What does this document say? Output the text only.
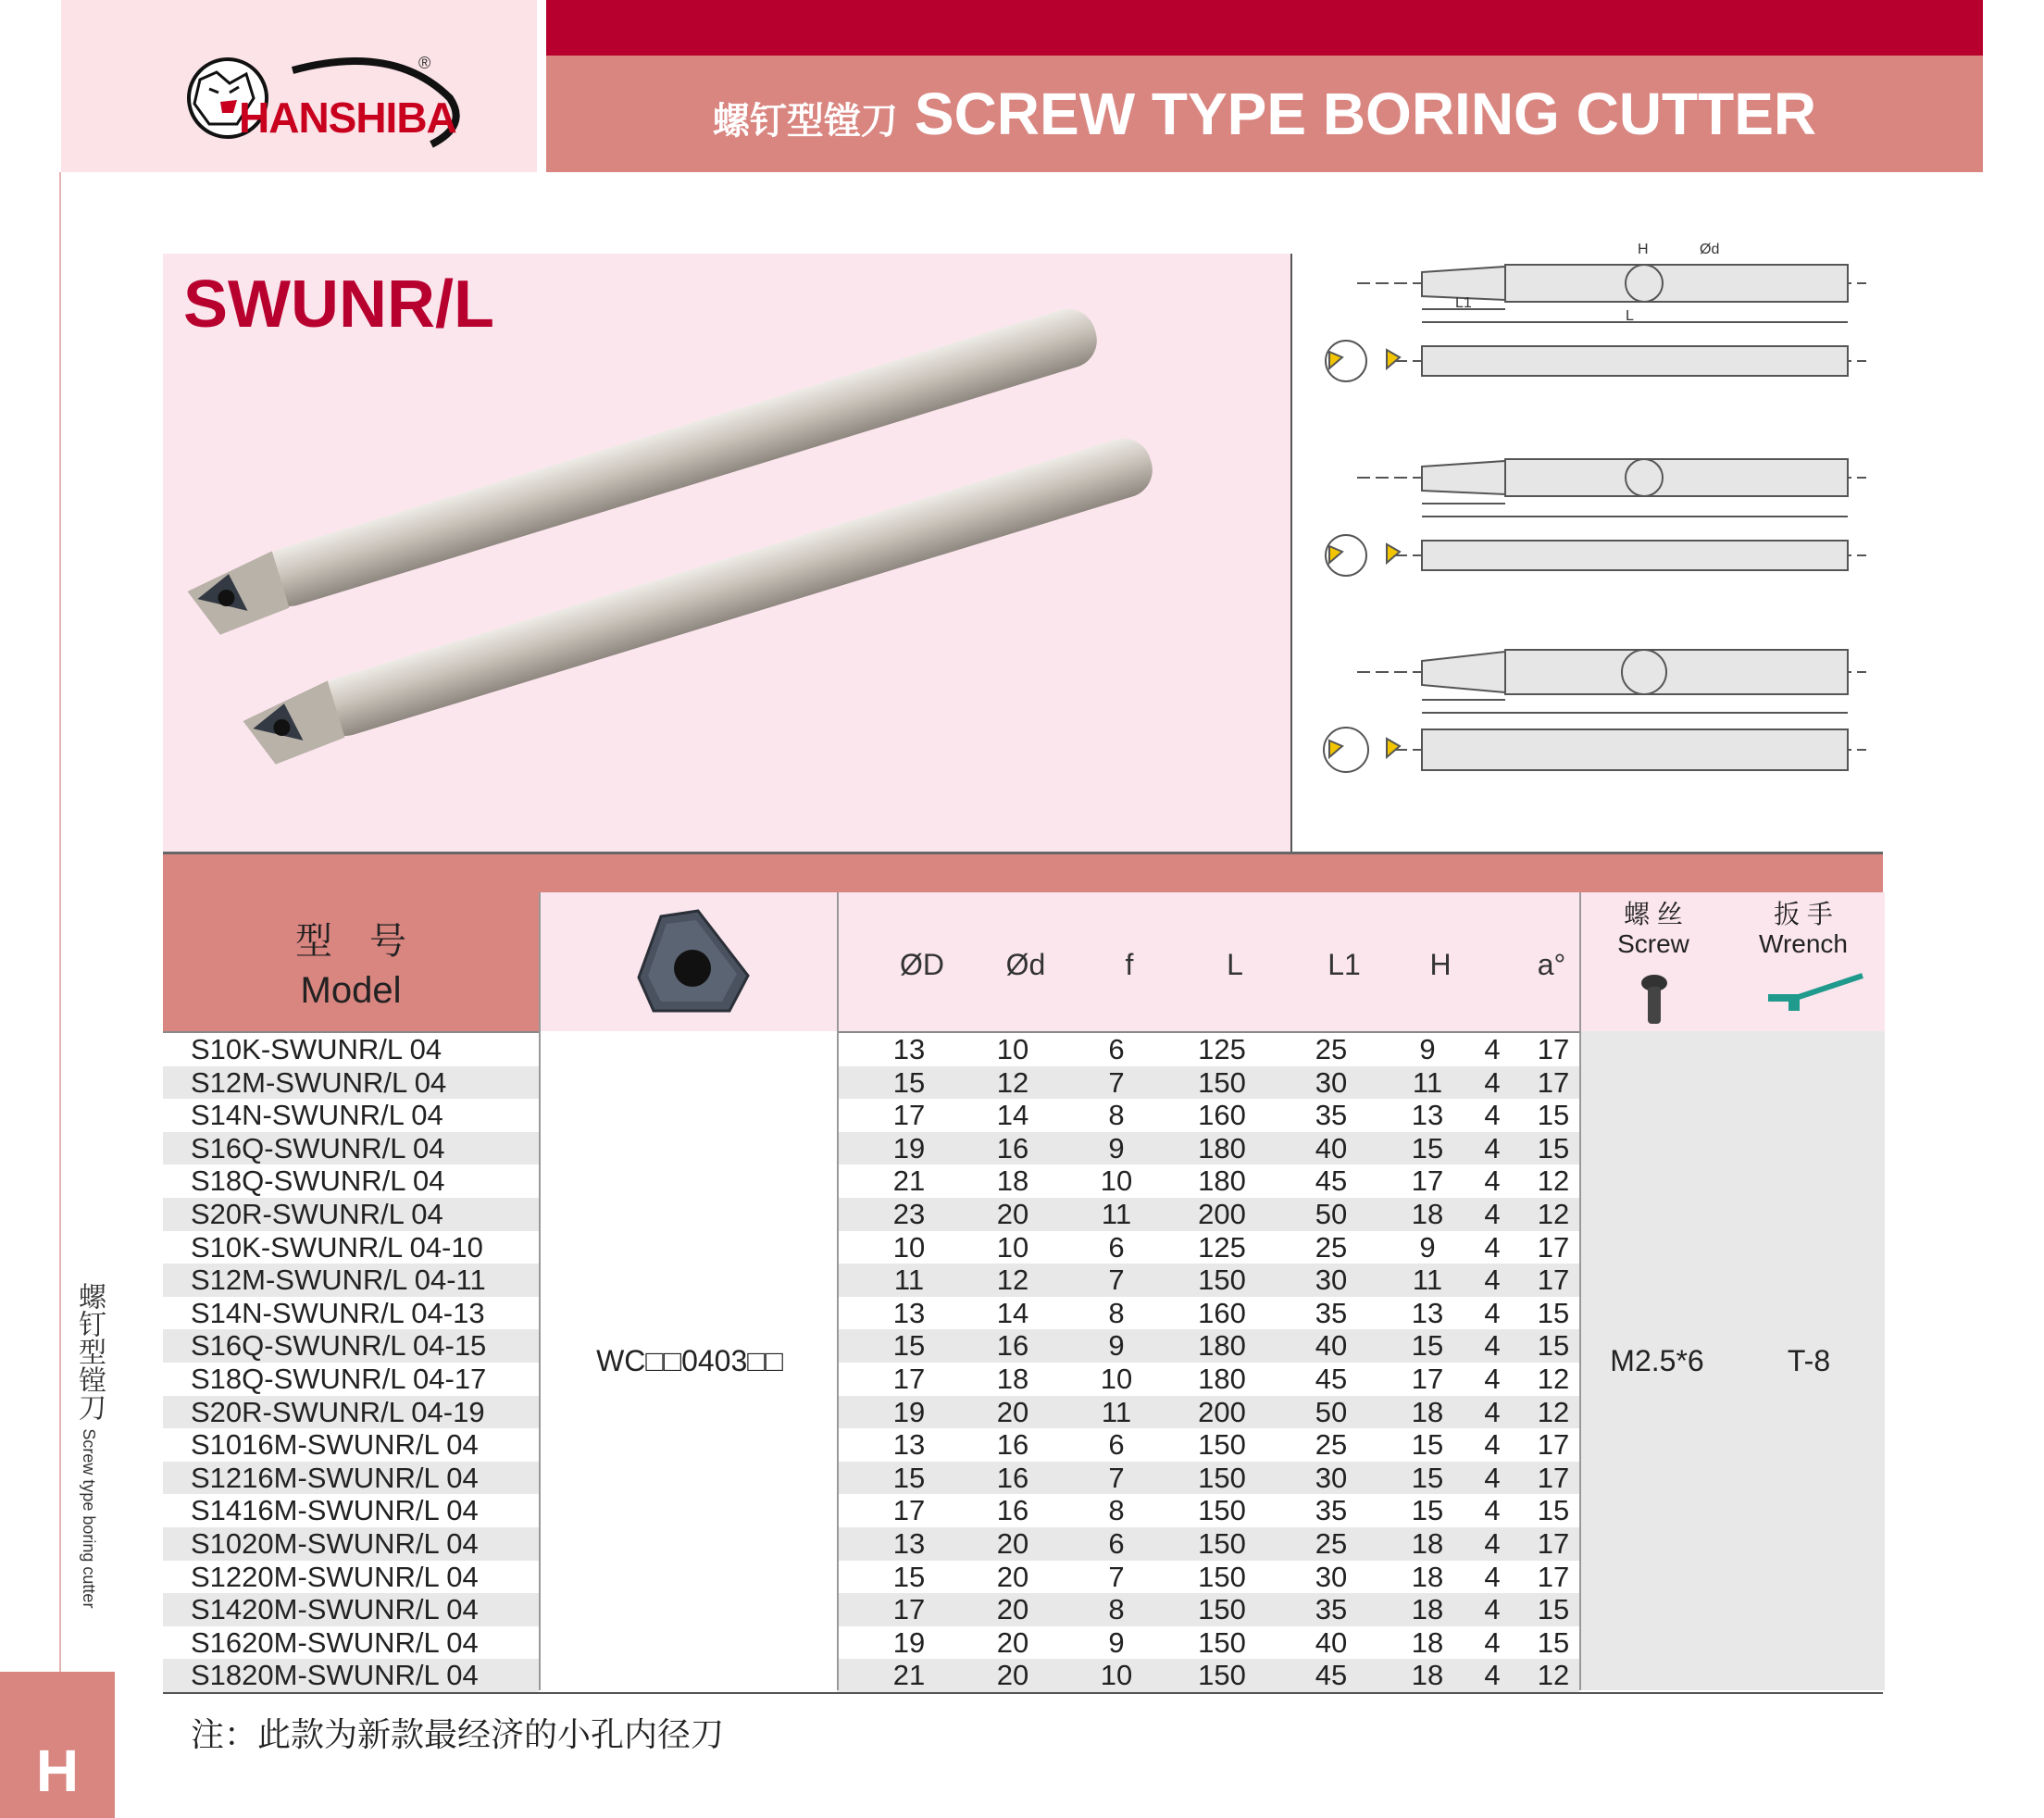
HANSHIBA
®
螺钉型镗刀 SCREW TYPE BORING CUTTER
螺钉型镗刀 Screw type boring cutter
H
SWUNR/L
H	Ød
L1
L
型号
Model
ØD	Ød	f	L	L1	H	a°
螺 丝
Screw
扳 手
Wrench
S10K-SWUNR/L 04	13	10	6	125	25	9	4	17
S12M-SWUNR/L 04	15	12	7	150	30	11	4	17
S14N-SWUNR/L 04	17	14	8	160	35	13	4	15
S16Q-SWUNR/L 04	19	16	9	180	40	15	4	15
S18Q-SWUNR/L 04	21	18	10	180	45	17	4	12
S20R-SWUNR/L 04	23	20	11	200	50	18	4	12
S10K-SWUNR/L 04-10	10	10	6	125	25	9	4	17
S12M-SWUNR/L 04-11	11	12	7	150	30	11	4	17
S14N-SWUNR/L 04-13	13	14	8	160	35	13	4	15
S16Q-SWUNR/L 04-15	15	16	9	180	40	15	4	15
S18Q-SWUNR/L 04-17	17	18	10	180	45	17	4	12
S20R-SWUNR/L 04-19	19	20	11	200	50	18	4	12
S1016M-SWUNR/L 04	13	16	6	150	25	15	4	17
S1216M-SWUNR/L 04	15	16	7	150	30	15	4	17
S1416M-SWUNR/L 04	17	16	8	150	35	15	4	15
S1020M-SWUNR/L 04	13	20	6	150	25	18	4	17
S1220M-SWUNR/L 04	15	20	7	150	30	18	4	17
S1420M-SWUNR/L 04	17	20	8	150	35	18	4	15
S1620M-SWUNR/L 04	19	20	9	150	40	18	4	15
S1820M-SWUNR/L 04	21	20	10	150	45	18	4	12
WC□□0403□□	M2.5*6	T-8
注：此款为新款最经济的小孔内径刀
